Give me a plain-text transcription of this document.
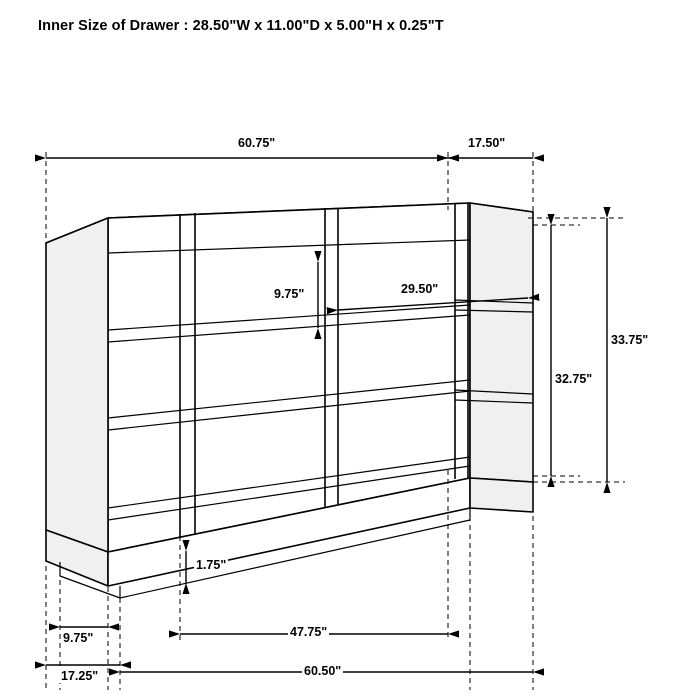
Inner Size of Drawer : 28.50"W x 11.00"D x 5.00"H x 0.25"T
60.75"	17.50"
9.75"	29.50"
33.75"
32.75"
1.75"
9.75"
17.25"
47.75"
60.50"
